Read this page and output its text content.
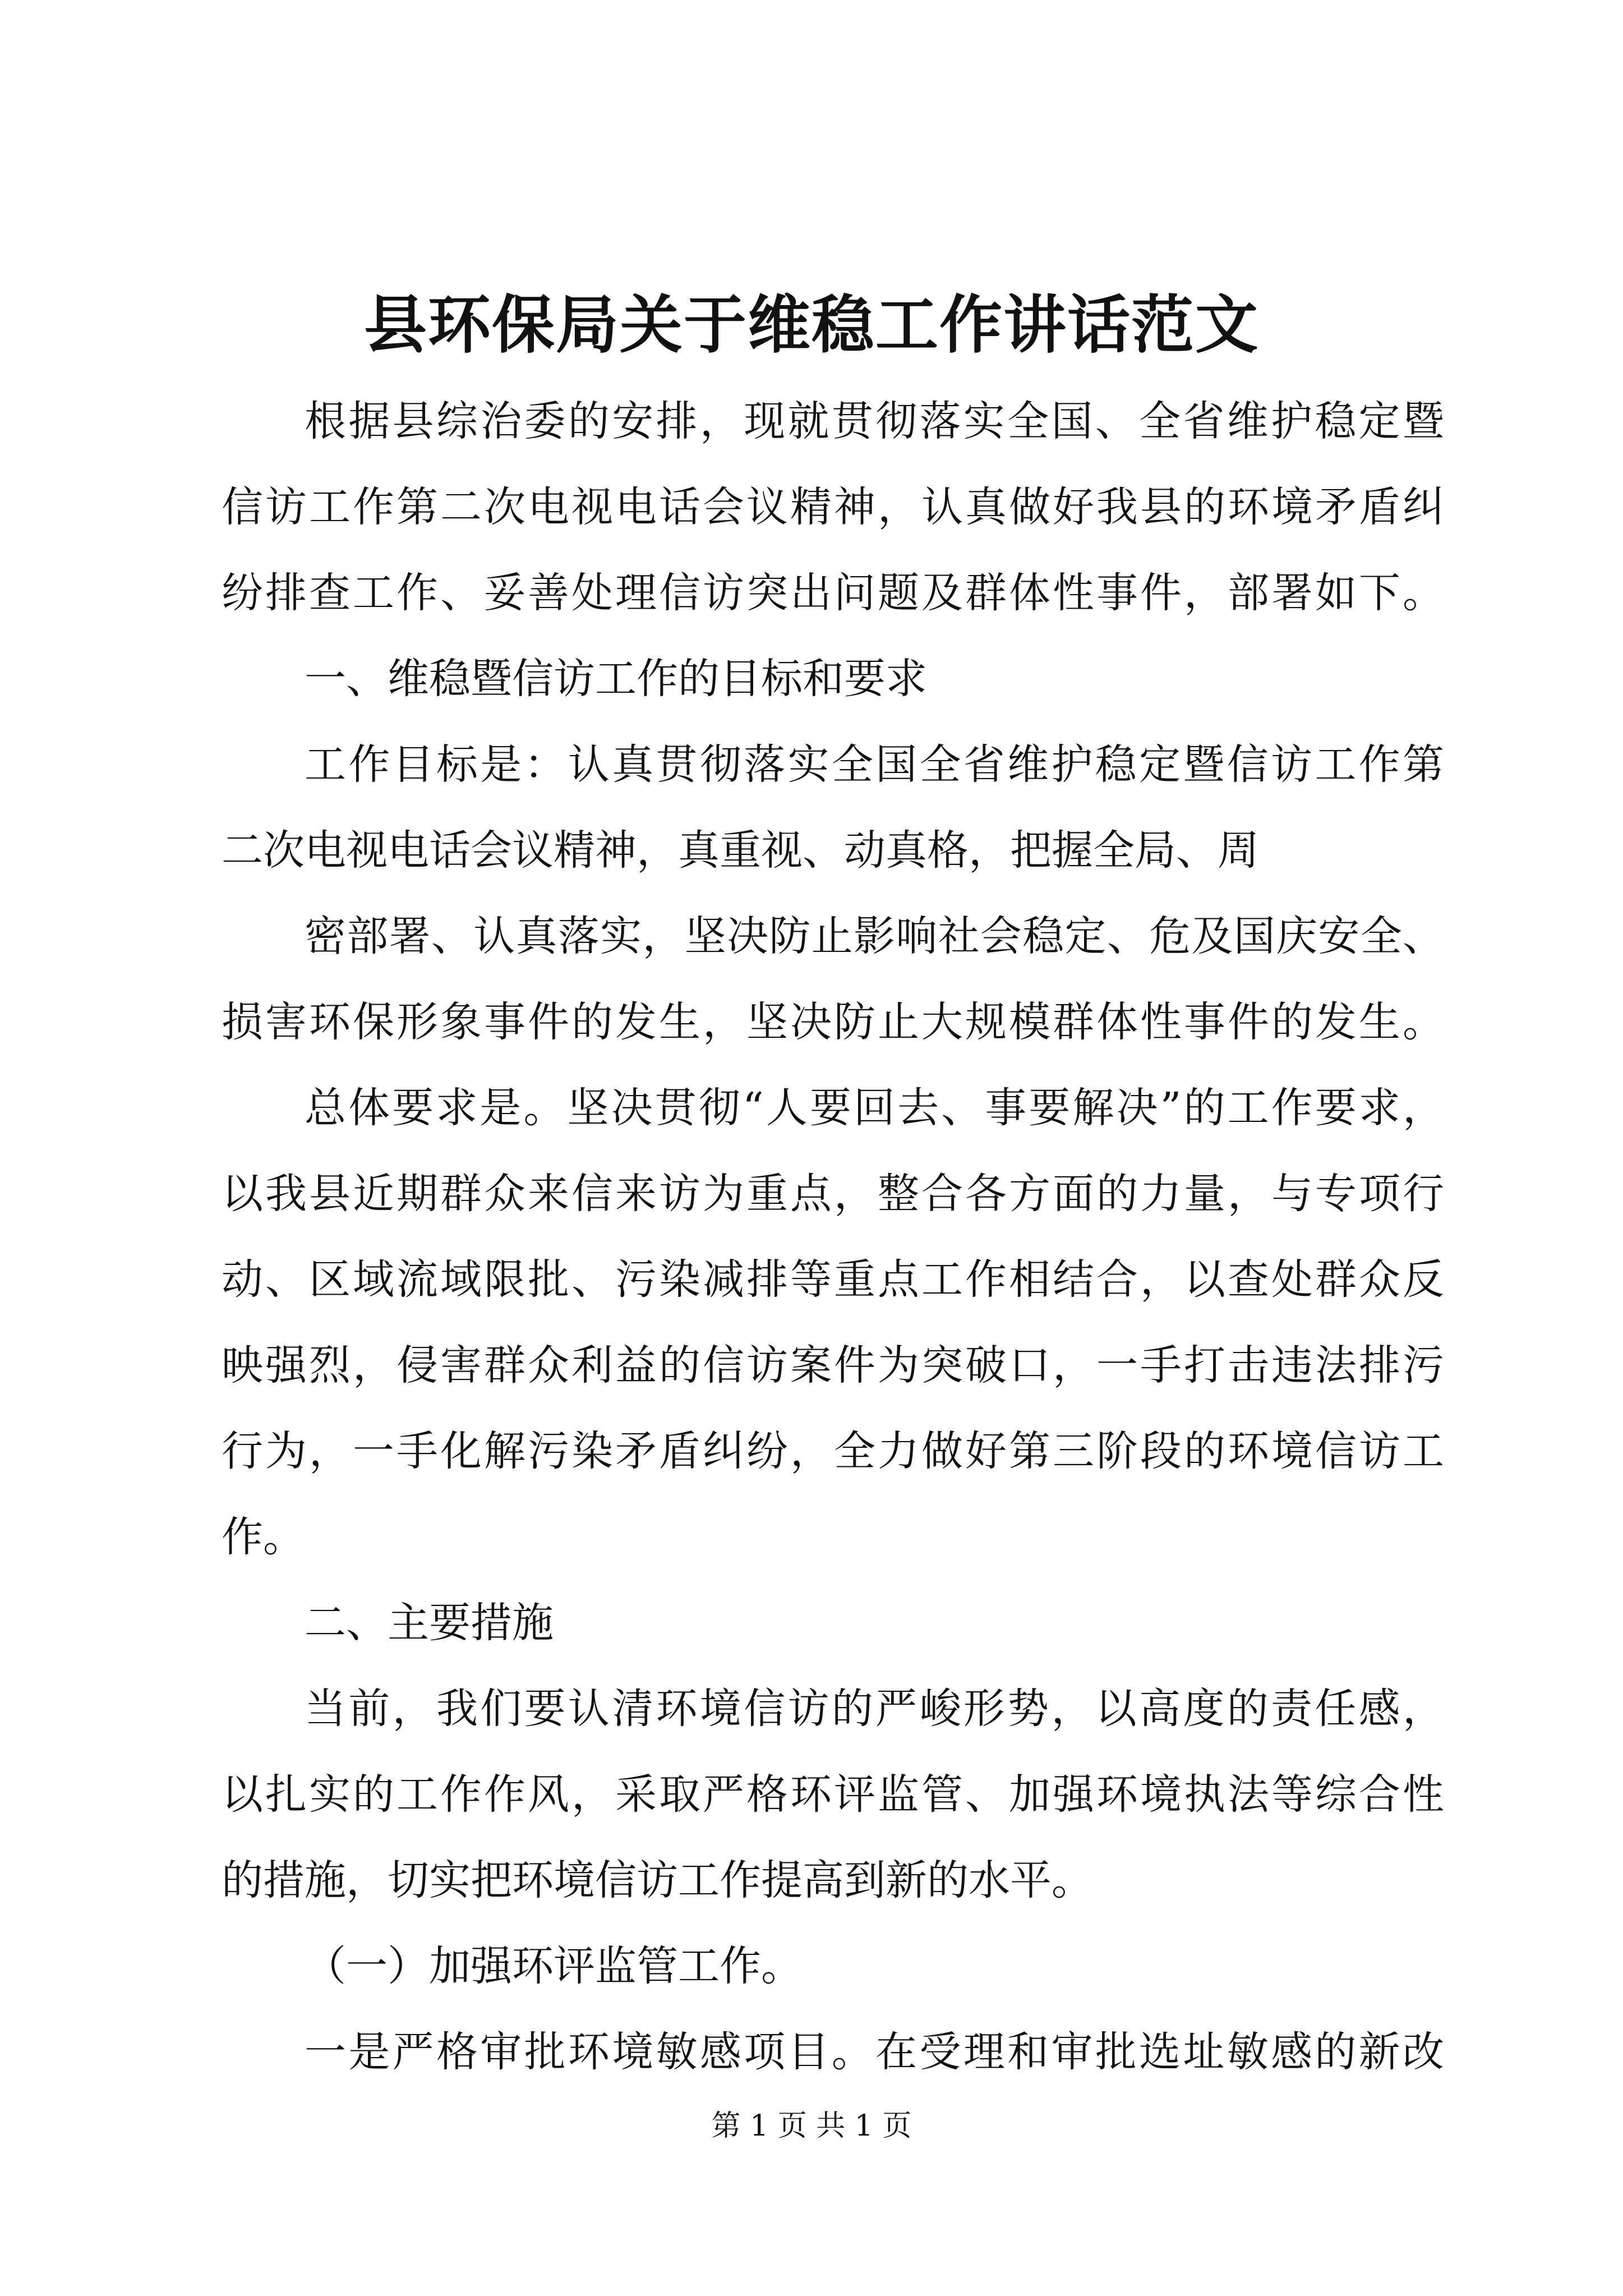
县环保局关于维稳工作讲话范文
根据县综治委的安排，现就贯彻落实全国、全省维护稳定暨
信访工作第二次电视电话会议精神，认真做好我县的环境矛盾纠
纷排查工作、妥善处理信访突出问题及群体性事件，部署如下。
一、维稳暨信访工作的目标和要求
工作目标是：认真贯彻落实全国全省维护稳定暨信访工作第
二次电视电话会议精神，真重视、动真格，把握全局、周
密部署、认真落实，坚决防止影响社会稳定、危及国庆安全、
损害环保形象事件的发生，坚决防止大规模群体性事件的发生。
总体要求是。坚决贯彻“人要回去、事要解决”的工作要求，
以我县近期群众来信来访为重点，整合各方面的力量，与专项行
动、区域流域限批、污染减排等重点工作相结合，以查处群众反
映强烈，侵害群众利益的信访案件为突破口，一手打击违法排污
行为，一手化解污染矛盾纠纷，全力做好第三阶段的环境信访工
作。
二、主要措施
当前，我们要认清环境信访的严峻形势，以高度的责任感，
以扎实的工作作风，采取严格环评监管、加强环境执法等综合性
的措施，切实把环境信访工作提高到新的水平。
（一）加强环评监管工作。
一是严格审批环境敏感项目。在受理和审批选址敏感的新改
第 1 页 共 1 页
